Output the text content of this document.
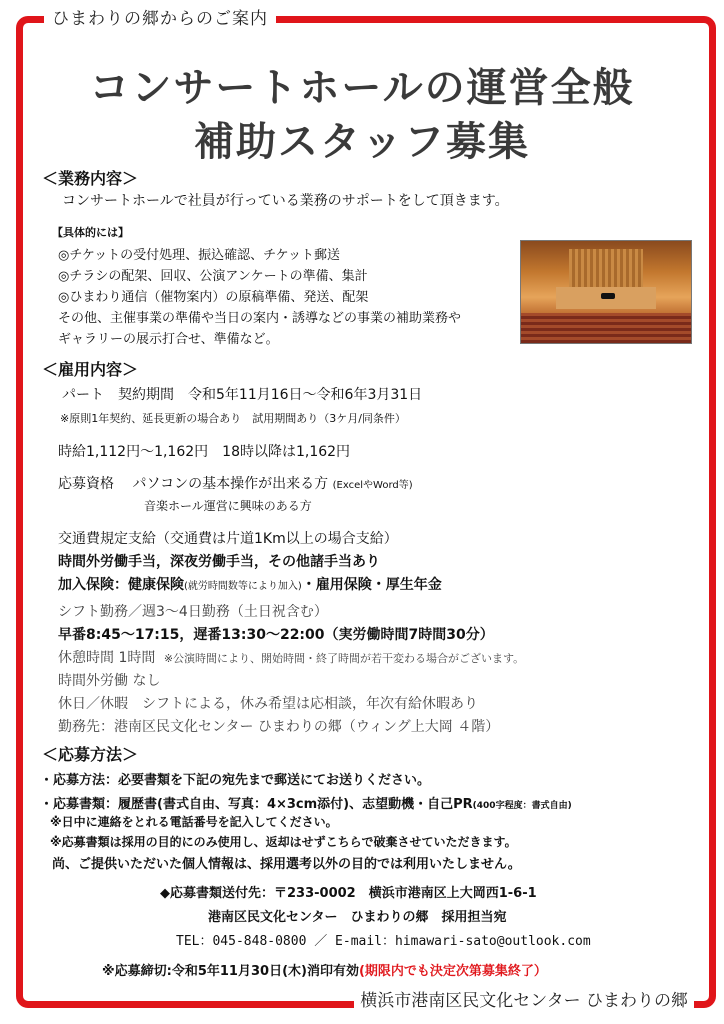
ひまわりの郷からのご案内
コンサートホールの運営全般
補助スタッフ募集
＜業務内容＞
コンサートホールで社員が行っている業務のサポートをして頂きます。
【具体的には】
◎チケットの受付処理、振込確認、チケット郵送
◎チラシの配架、回収、公演アンケートの準備、集計
◎ひまわり通信（催物案内）の原稿準備、発送、配架
その他、主催事業の準備や当日の案内・誘導などの事業の補助業務や
ギャラリーの展示打合せ、準備など。
＜雇用内容＞
パート　契約期間　令和5年11月16日～令和6年3月31日
※原則1年契約、延長更新の場合あり　試用期間あり（3ケ月/同条件）
時給1,112円～1,162円　18時以降は1,162円
応募資格 パソコンの基本操作が出来る方 (ExcelやWord等)
音楽ホール運営に興味のある方
交通費規定支給（交通費は片道1Km以上の場合支給）
時間外労働手当，深夜労働手当，その他諸手当あり
加入保険：健康保険(就労時間数等により加入)・雇用保険・厚生年金
シフト勤務／週3～4日勤務（土日祝含む）
早番8:45～17:15，遅番13:30～22:00（実労働時間7時間30分）
休憩時間 1時間 ※公演時間により、開始時間・終了時間が若干変わる場合がございます。
時間外労働 なし
休日／休暇　シフトによる，休み希望は応相談，年次有給休暇あり
勤務先：港南区民文化センター ひまわりの郷（ウィング上大岡 ４階）
＜応募方法＞
・応募方法：必要書類を下記の宛先まで郵送にてお送りください。
・応募書類：履歴書(書式自由、写真：4×3cm添付)、志望動機・自己PR(400字程度：書式自由)
※日中に連絡をとれる電話番号を記入してください。
※応募書類は採用の目的にのみ使用し、返却はせずこちらで破棄させていただきます。
尚、ご提供いただいた個人情報は、採用選考以外の目的では利用いたしません。
◆応募書類送付先：〒233-0002　横浜市港南区上大岡西1-6-1
港南区民文化センター　ひまわりの郷　採用担当宛
TEL：045-848-0800 ／ E-mail：himawari-sato@outlook.com
※応募締切:令和5年11月30日(木)消印有効(期限内でも決定次第募集終了）
横浜市港南区民文化センター ひまわりの郷
